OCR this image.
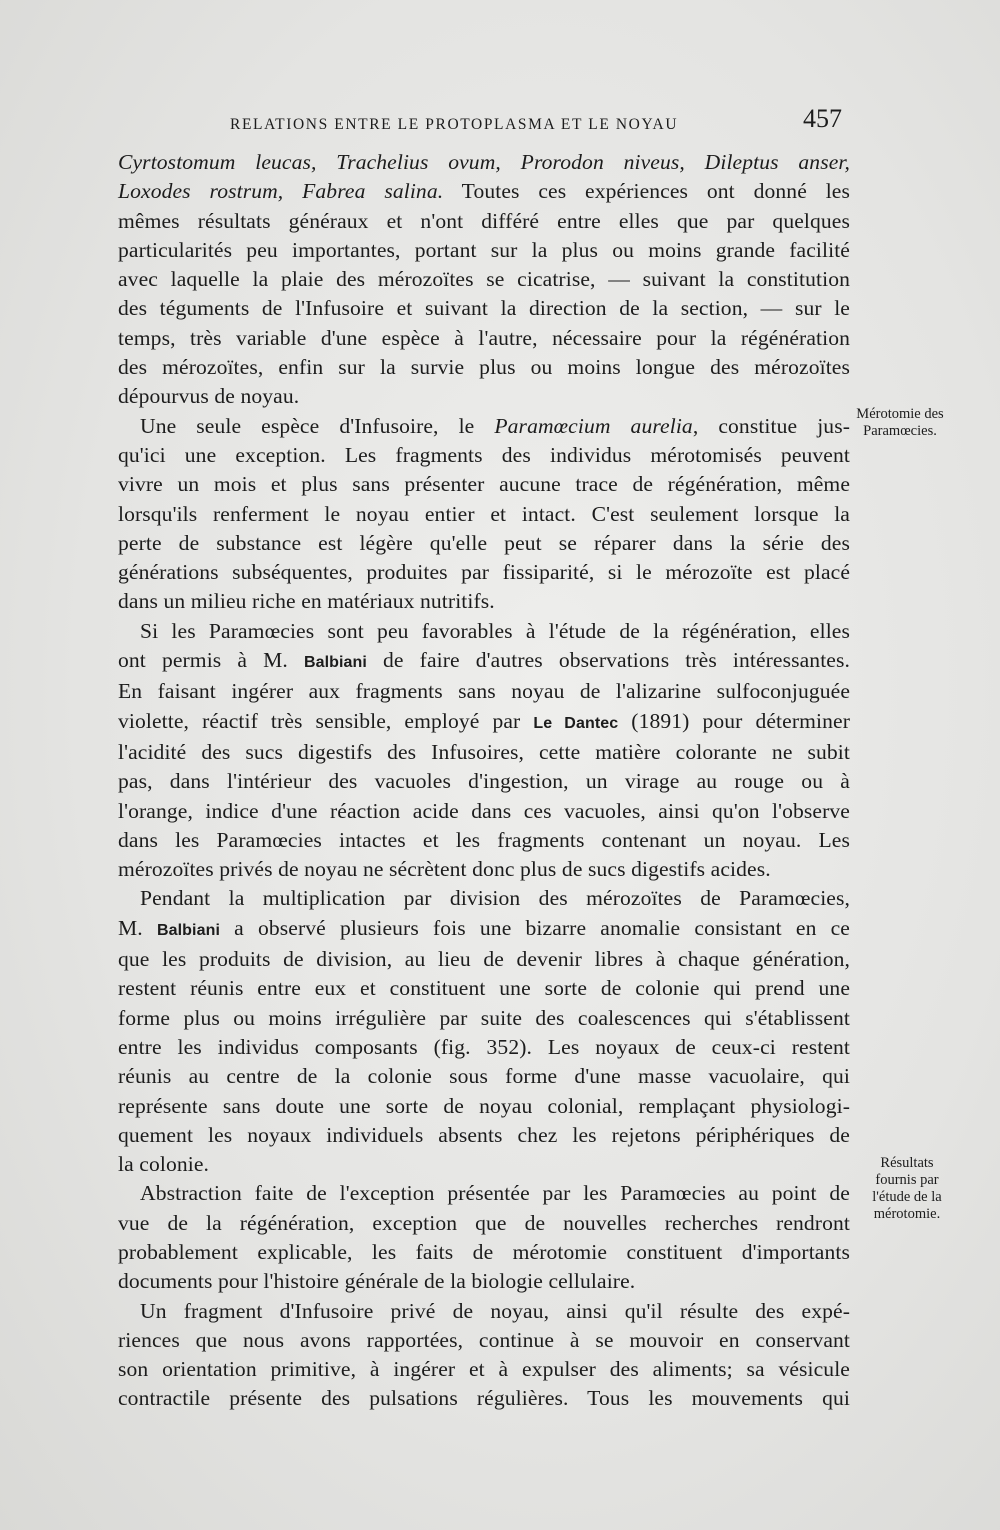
RELATIONS ENTRE LE PROTOPLASMA ET LE NOYAU	457
Cyrtostomum leucas, Trachelius ovum, Prorodon niveus, Dileptus anser,
Loxodes rostrum, Fabrea salina. Toutes ces expériences ont donné les
mêmes résultats généraux et n'ont différé entre elles que par quelques
particularités peu importantes, portant sur la plus ou moins grande facilité
avec laquelle la plaie des mérozoïtes se cicatrise, — suivant la constitution
des téguments de l'Infusoire et suivant la direction de la section, — sur le
temps, très variable d'une espèce à l'autre, nécessaire pour la régénération
des mérozoïtes, enfin sur la survie plus ou moins longue des mérozoïtes
dépourvus de noyau.
Une seule espèce d'Infusoire, le Paramœcium aurelia, constitue jus-
qu'ici une exception. Les fragments des individus mérotomisés peuvent
vivre un mois et plus sans présenter aucune trace de régénération, même
lorsqu'ils renferment le noyau entier et intact. C'est seulement lorsque la
perte de substance est légère qu'elle peut se réparer dans la série des
générations subséquentes, produites par fissiparité, si le mérozoïte est placé
dans un milieu riche en matériaux nutritifs.
Si les Paramœcies sont peu favorables à l'étude de la régénération, elles
ont permis à M. Balbiani de faire d'autres observations très intéressantes.
En faisant ingérer aux fragments sans noyau de l'alizarine sulfoconjuguée
violette, réactif très sensible, employé par Le Dantec (1891) pour déterminer
l'acidité des sucs digestifs des Infusoires, cette matière colorante ne subit
pas, dans l'intérieur des vacuoles d'ingestion, un virage au rouge ou à
l'orange, indice d'une réaction acide dans ces vacuoles, ainsi qu'on l'observe
dans les Paramœcies intactes et les fragments contenant un noyau. Les
mérozoïtes privés de noyau ne sécrètent donc plus de sucs digestifs acides.
Pendant la multiplication par division des mérozoïtes de Paramœcies,
M. Balbiani a observé plusieurs fois une bizarre anomalie consistant en ce
que les produits de division, au lieu de devenir libres à chaque génération,
restent réunis entre eux et constituent une sorte de colonie qui prend une
forme plus ou moins irrégulière par suite des coalescences qui s'établissent
entre les individus composants (fig. 352). Les noyaux de ceux-ci restent
réunis au centre de la colonie sous forme d'une masse vacuolaire, qui
représente sans doute une sorte de noyau colonial, remplaçant physiologi-
quement les noyaux individuels absents chez les rejetons périphériques de
la colonie.
Abstraction faite de l'exception présentée par les Paramœcies au point de
vue de la régénération, exception que de nouvelles recherches rendront
probablement explicable, les faits de mérotomie constituent d'importants
documents pour l'histoire générale de la biologie cellulaire.
Un fragment d'Infusoire privé de noyau, ainsi qu'il résulte des expé-
riences que nous avons rapportées, continue à se mouvoir en conservant
son orientation primitive, à ingérer et à expulser des aliments; sa vésicule
contractile présente des pulsations régulières. Tous les mouvements qui
Mérotomie des
Paramœcies.
Résultats
fournis par
l'étude de la
mérotomie.
